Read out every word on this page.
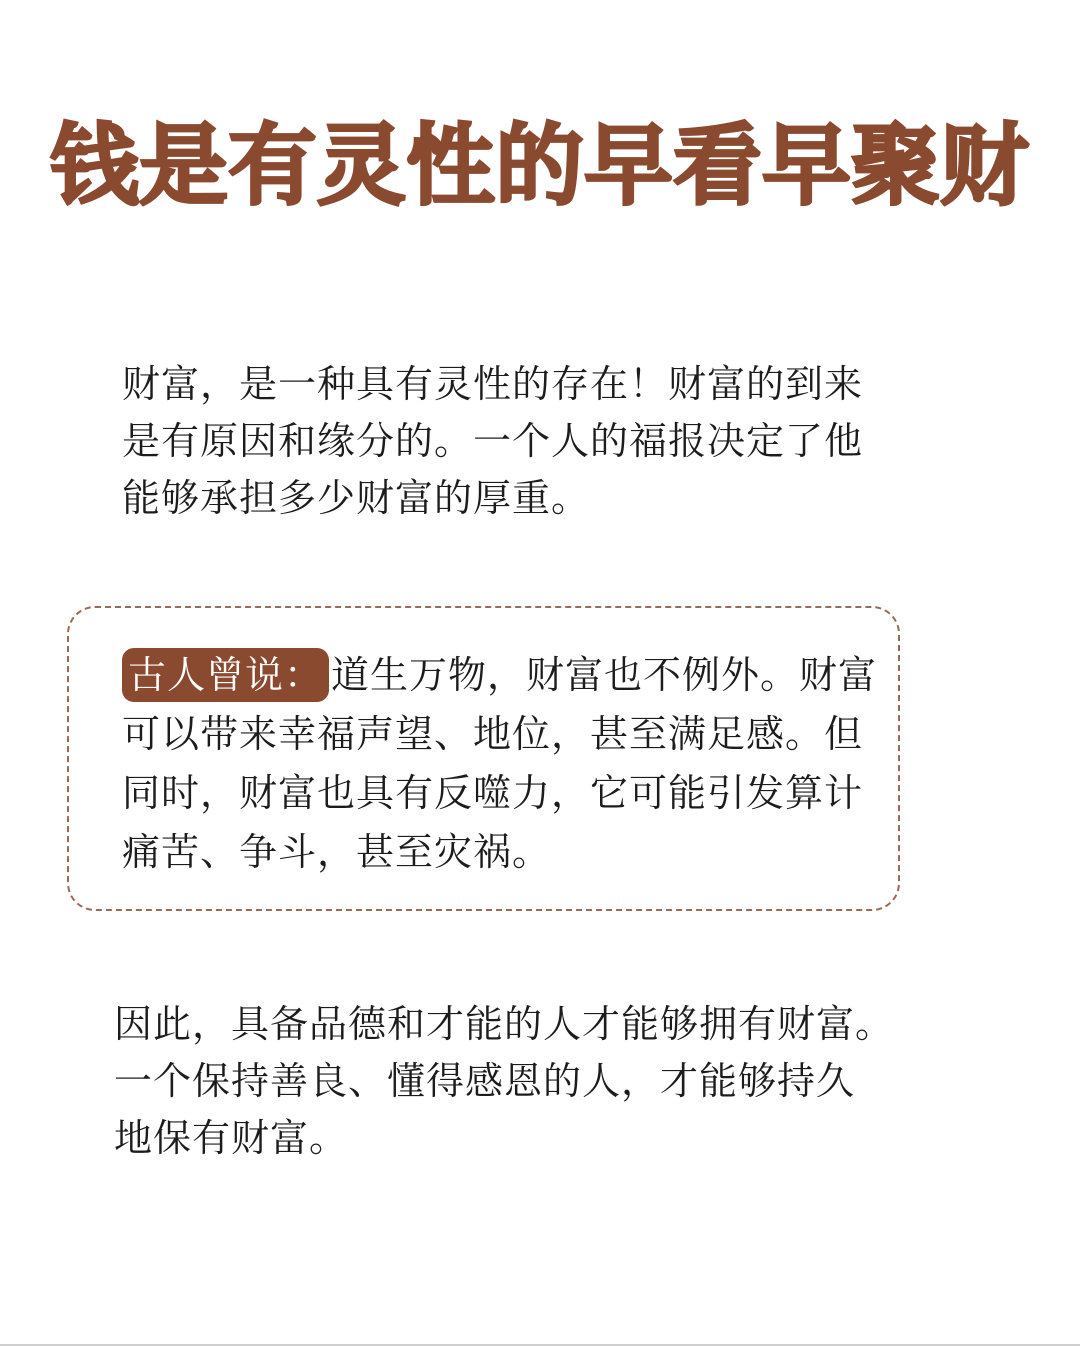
钱是有灵性的早看早聚财
财富，是一种具有灵性的存在！财富的到来
是有原因和缘分的。一个人的福报决定了他
能够承担多少财富的厚重。
古人曾说： 道生万物，财富也不例外。财富
可以带来幸福声望、地位，甚至满足感。但
同时，财富也具有反噬力，它可能引发算计
痛苦、争斗，甚至灾祸。
因此，具备品德和才能的人才能够拥有财富。
一个保持善良、懂得感恩的人，才能够持久
地保有财富。
